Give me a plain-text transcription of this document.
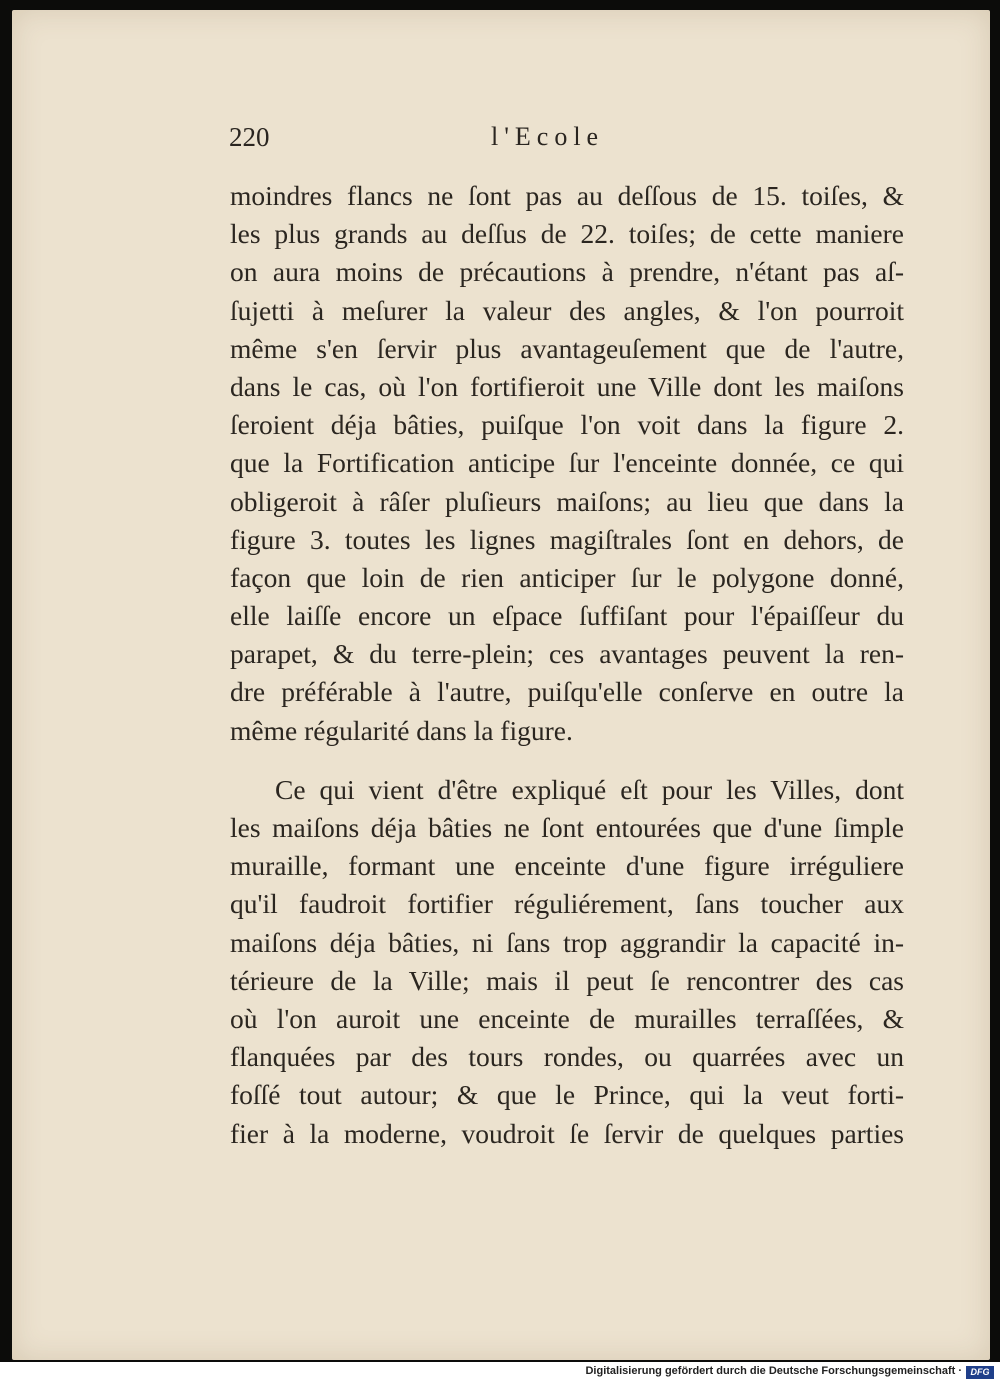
220	l'Ecole
moindres flancs ne ſont pas au deſſous de 15. toiſes, &
les plus grands au deſſus de 22. toiſes; de cette maniere
on aura moins de précautions à prendre, n'étant pas aſ-
ſujetti à meſurer la valeur des angles, & l'on pourroit
même s'en ſervir plus avantageuſement que de l'autre,
dans le cas, où l'on fortifieroit une Ville dont les maiſons
ſeroient déja bâties, puiſque l'on voit dans la figure 2.
que la Fortification anticipe ſur l'enceinte donnée, ce qui
obligeroit à râſer pluſieurs maiſons; au lieu que dans la
figure 3. toutes les lignes magiſtrales ſont en dehors, de
façon que loin de rien anticiper ſur le polygone donné,
elle laiſſe encore un eſpace ſuffiſant pour l'épaiſſeur du
parapet, & du terre-plein; ces avantages peuvent la ren-
dre préférable à l'autre, puiſqu'elle conſerve en outre la
même régularité dans la figure.
Ce qui vient d'être expliqué eſt pour les Villes, dont
les maiſons déja bâties ne ſont entourées que d'une ſimple
muraille, formant une enceinte d'une figure irréguliere
qu'il faudroit fortifier réguliérement, ſans toucher aux
maiſons déja bâties, ni ſans trop aggrandir la capacité in-
térieure de la Ville; mais il peut ſe rencontrer des cas
où l'on auroit une enceinte de murailles terraſſées, &
flanquées par des tours rondes, ou quarrées avec un
foſſé tout autour; & que le Prince, qui la veut forti-
fier à la moderne, voudroit ſe ſervir de quelques parties
Digitalisierung gefördert durch die Deutsche Forschungsgemeinschaft · DFG
